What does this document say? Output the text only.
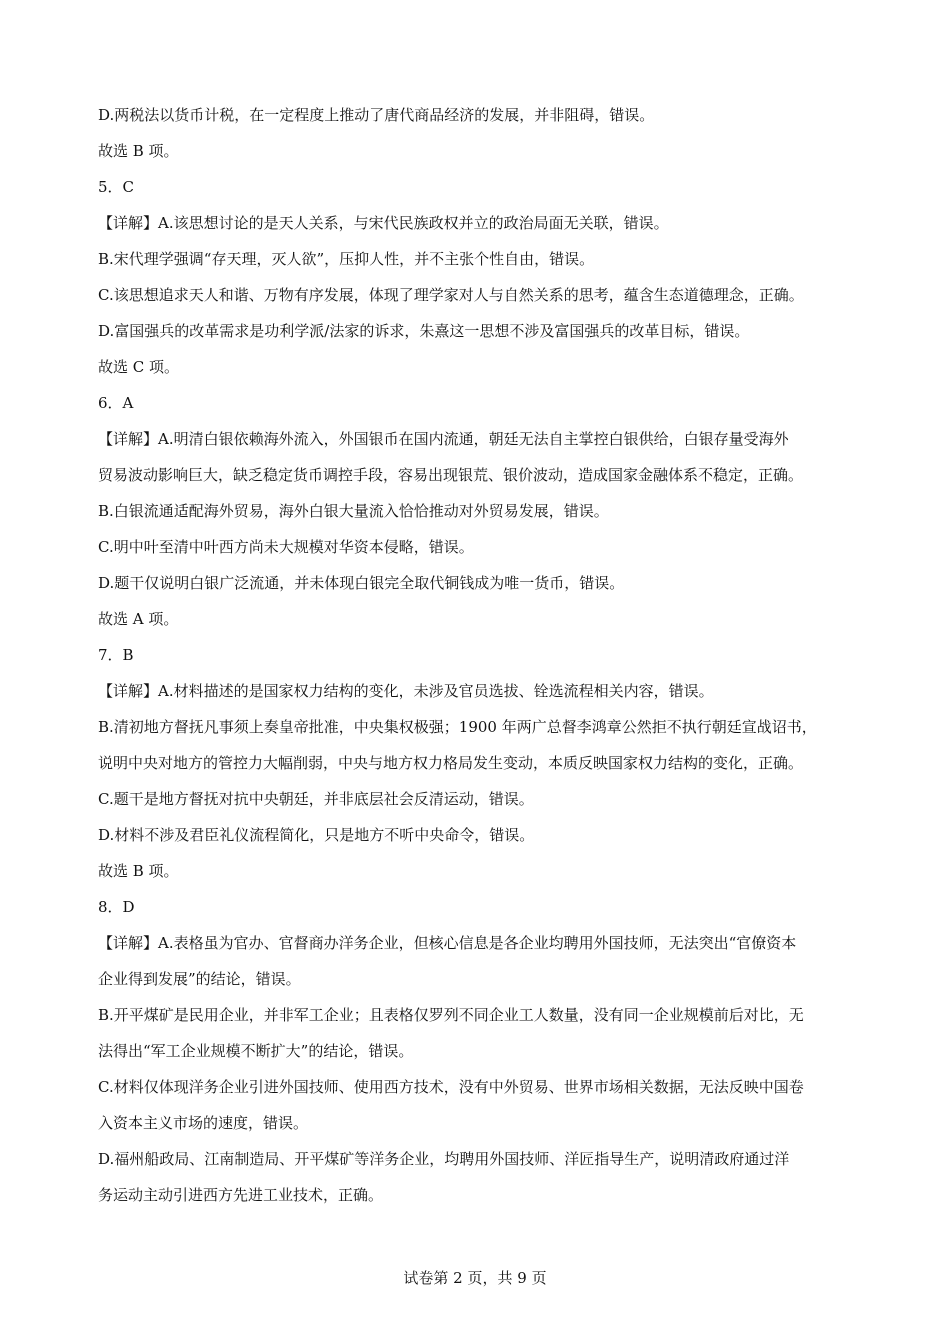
D.两税法以货币计税，在一定程度上推动了唐代商品经济的发展，并非阻碍，错误。

故选 B 项。

5．C

【详解】A.该思想讨论的是天人关系，与宋代民族政权并立的政治局面无关联，错误。

B.宋代理学强调“存天理，灭人欲”，压抑人性，并不主张个性自由，错误。

C.该思想追求天人和谐、万物有序发展，体现了理学家对人与自然关系的思考，蕴含生态道德理念，正确。

D.富国强兵的改革需求是功利学派/法家的诉求，朱熹这一思想不涉及富国强兵的改革目标，错误。

故选 C 项。

6．A

【详解】A.明清白银依赖海外流入，外国银币在国内流通，朝廷无法自主掌控白银供给，白银存量受海外

贸易波动影响巨大，缺乏稳定货币调控手段，容易出现银荒、银价波动，造成国家金融体系不稳定，正确。

B.白银流通适配海外贸易，海外白银大量流入恰恰推动对外贸易发展，错误。

C.明中叶至清中叶西方尚未大规模对华资本侵略，错误。

D.题干仅说明白银广泛流通，并未体现白银完全取代铜钱成为唯一货币，错误。

故选 A 项。

7．B

【详解】A.材料描述的是国家权力结构的变化，未涉及官员选拔、铨选流程相关内容，错误。

B.清初地方督抚凡事须上奏皇帝批准，中央集权极强；1900 年两广总督李鸿章公然拒不执行朝廷宣战诏书，

说明中央对地方的管控力大幅削弱，中央与地方权力格局发生变动，本质反映国家权力结构的变化，正确。

C.题干是地方督抚对抗中央朝廷，并非底层社会反清运动，错误。

D.材料不涉及君臣礼仪流程简化，只是地方不听中央命令，错误。

故选 B 项。

8．D

【详解】A.表格虽为官办、官督商办洋务企业，但核心信息是各企业均聘用外国技师，无法突出“官僚资本

企业得到发展”的结论，错误。

B.开平煤矿是民用企业，并非军工企业；且表格仅罗列不同企业工人数量，没有同一企业规模前后对比，无

法得出“军工企业规模不断扩大”的结论，错误。

C.材料仅体现洋务企业引进外国技师、使用西方技术，没有中外贸易、世界市场相关数据，无法反映中国卷

入资本主义市场的速度，错误。

D.福州船政局、江南制造局、开平煤矿等洋务企业，均聘用外国技师、洋匠指导生产，说明清政府通过洋

务运动主动引进西方先进工业技术，正确。

试卷第 2 页，共 9 页
